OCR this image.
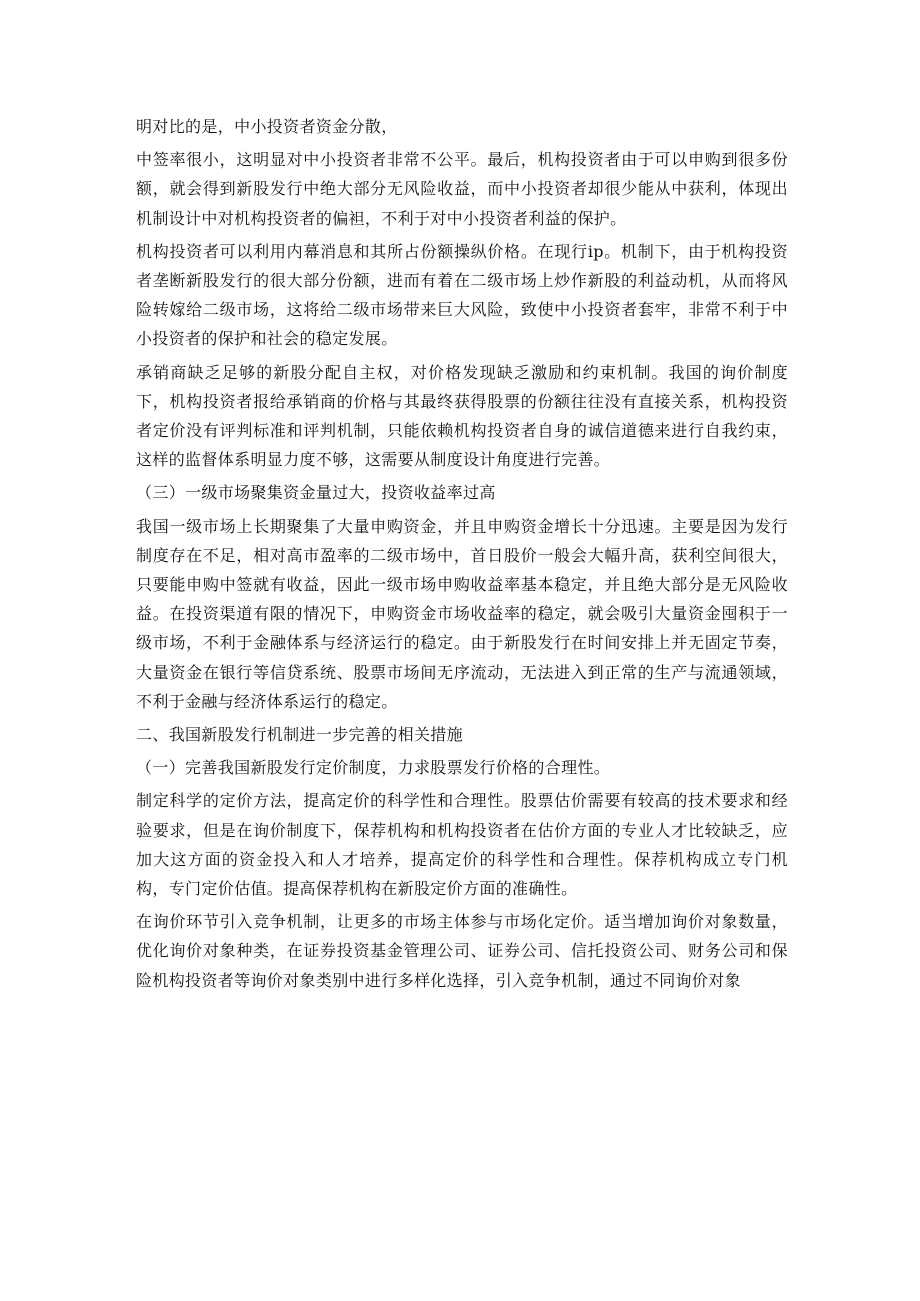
明对比的是，中小投资者资金分散，

中签率很小，这明显对中小投资者非常不公平。最后，机构投资者由于可以申购到很多份额，就会得到新股发行中绝大部分无风险收益，而中小投资者却很少能从中获利，体现出机制设计中对机构投资者的偏袒，不利于对中小投资者利益的保护。

机构投资者可以利用内幕消息和其所占份额操纵价格。在现行ip。机制下，由于机构投资者垄断新股发行的很大部分份额，进而有着在二级市场上炒作新股的利益动机，从而将风险转嫁给二级市场，这将给二级市场带来巨大风险，致使中小投资者套牢，非常不利于中小投资者的保护和社会的稳定发展。

承销商缺乏足够的新股分配自主权，对价格发现缺乏激励和约束机制。我国的询价制度下，机构投资者报给承销商的价格与其最终获得股票的份额往往没有直接关系，机构投资者定价没有评判标准和评判机制，只能依赖机构投资者自身的诚信道德来进行自我约束，这样的监督体系明显力度不够，这需要从制度设计角度进行完善。

（三）一级市场聚集资金量过大，投资收益率过高

我国一级市场上长期聚集了大量申购资金，并且申购资金增长十分迅速。主要是因为发行制度存在不足，相对高市盈率的二级市场中，首日股价一般会大幅升高，获利空间很大，只要能申购中签就有收益，因此一级市场申购收益率基本稳定，并且绝大部分是无风险收益。在投资渠道有限的情况下，申购资金市场收益率的稳定，就会吸引大量资金囤积于一级市场，不利于金融体系与经济运行的稳定。由于新股发行在时间安排上并无固定节奏，大量资金在银行等信贷系统、股票市场间无序流动，无法进入到正常的生产与流通领域，不利于金融与经济体系运行的稳定。

二、我国新股发行机制进一步完善的相关措施

（一）完善我国新股发行定价制度，力求股票发行价格的合理性。

制定科学的定价方法，提高定价的科学性和合理性。股票估价需要有较高的技术要求和经验要求，但是在询价制度下，保荐机构和机构投资者在估价方面的专业人才比较缺乏，应加大这方面的资金投入和人才培养，提高定价的科学性和合理性。保荐机构成立专门机构，专门定价估值。提高保荐机构在新股定价方面的准确性。

在询价环节引入竞争机制，让更多的市场主体参与市场化定价。适当增加询价对象数量，优化询价对象种类，在证券投资基金管理公司、证券公司、信托投资公司、财务公司和保险机构投资者等询价对象类别中进行多样化选择，引入竞争机制，通过不同询价对象
